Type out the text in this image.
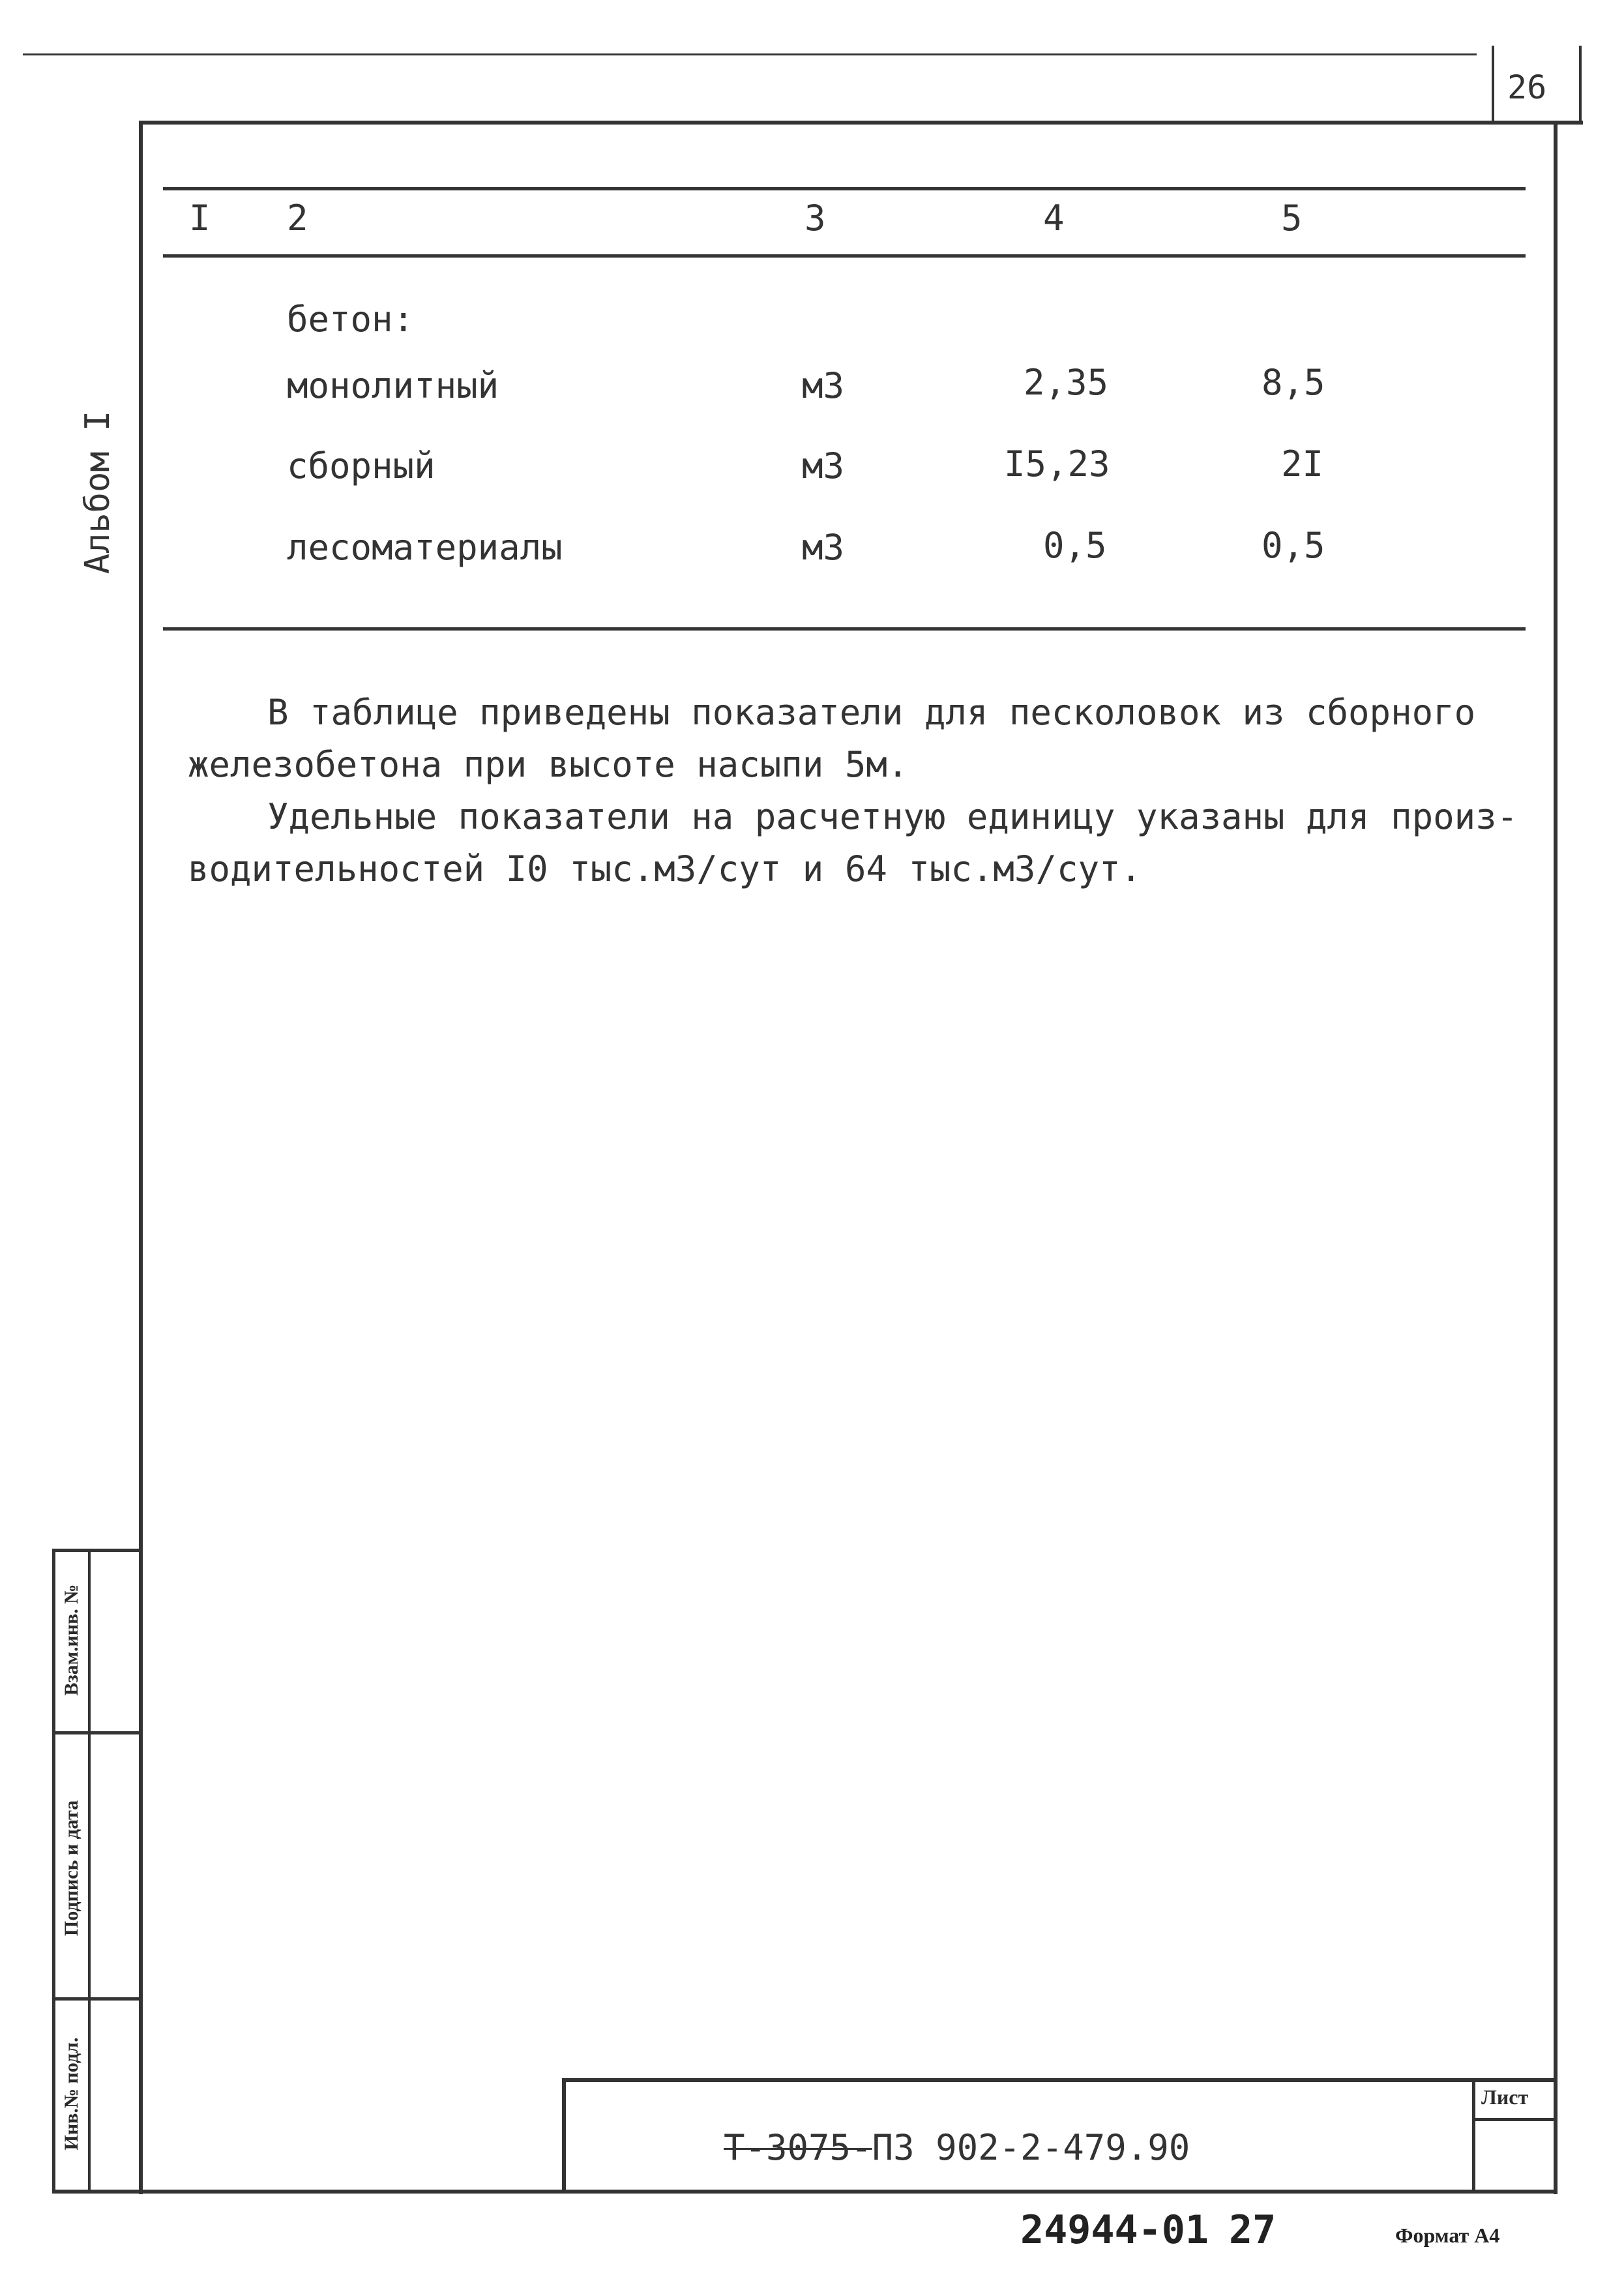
26
Альбом I
I 2	3	4	5
бетон:
монолитный	м3	2,35	8,5
сборный	м3	I5,23	2I
лесоматериалы	м3	0,5	0,5
В таблице приведены показатели для песколовок из сборного
железобетона при высоте насыпи 5м.
Удельные показатели на расчетную единицу указаны для произ-
водительностей I0 тыс.м3/сут и 64 тыс.м3/сут.
Взам.инв. №
Подпись и дата
Инв.№ подл.	Лист
Т-3075-ПЗ 902-2-479.90
24944-01 27	Формат А4
